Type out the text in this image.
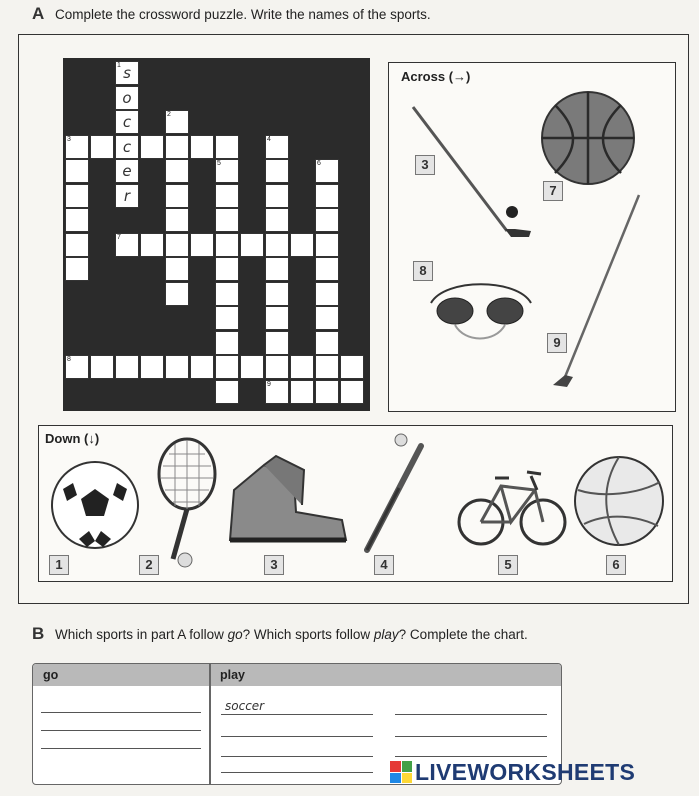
A Complete the crossword puzzle. Write the names of the sports.
1 s
o
c
c
e
r
2
3	4
5	6
7
8
9
Across (→)
3
7
8
9
Down (↓)
1	2	3	4	5	6
B Which sports in part A follow go? Which sports follow play? Complete the chart.
go	play
soccer
LIVEWORKSHEETS
